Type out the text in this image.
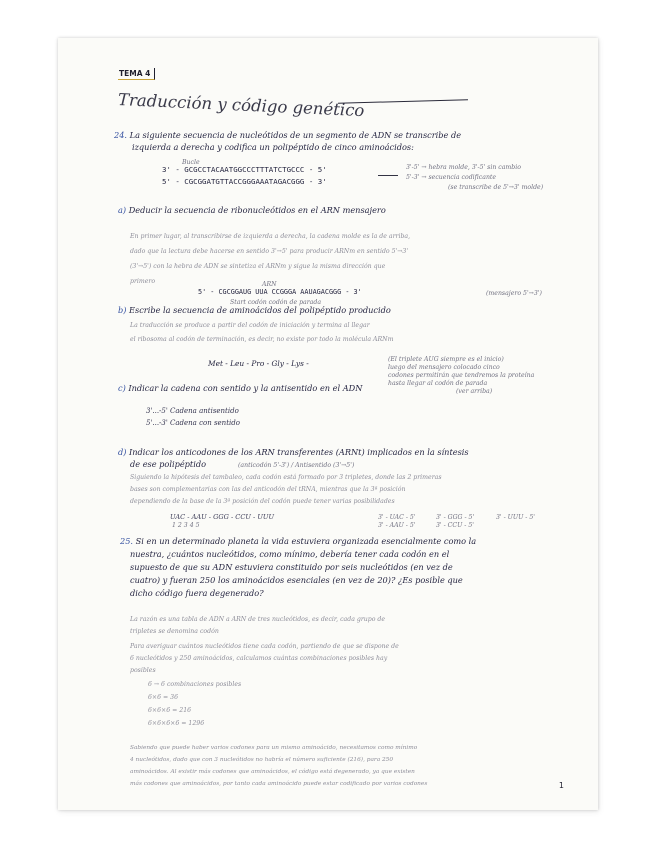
TEMA 4
Traducción y código genético
24. La siguiente secuencia de nucleótidos de un segmento de ADN se transcribe de
izquierda a derecha y codifica un polipéptido de cinco aminoácidos:
Bucle
3' - GCGCCTACAATGGCCCTTTATCTGCCC - 5'
5' - CGCGGATGTTACCGGGAAATAGACGGG - 3'
3'-5' → hebra molde, 3'-5' sin cambio
5'-3' → secuencia codificante
(se transcribe de 5'→3' molde)
a) Deducir la secuencia de ribonucleótidos en el ARN mensajero
En primer lugar, al transcribirse de izquierda a derecha, la cadena molde es la de arriba,
dado que la lectura debe hacerse en sentido 3'→5' para producir ARNm en sentido 5'→3'
(3'→5') con la hebra de ADN se sintetiza el ARNm y sigue la misma dirección que
primero	ARN
5' - CGCGGAUG UUA CCGGGA AAUAGACGGG - 3'
Start codón codón de parada
(mensajero 5'→3')
b) Escribe la secuencia de aminoácidos del polipéptido producido
La traducción se produce a partir del codón de iniciación y termina al llegar
el ribosoma al codón de terminación, es decir, no existe por todo la molécula ARNm
Met - Leu - Pro - Gly - Lys -	(El triplete AUG siempre es el inicio)
luego del mensajero colocado cinco
codones permitirán que tendremos la proteína
hasta llegar al codón de parada
c) Indicar la cadena con sentido y la antisentido en el ADN	(ver arriba)
3'...-5' Cadena antisentido
5'...-3' Cadena con sentido
d) Indicar los anticodones de los ARN transferentes (ARNt) implicados en la síntesis
de ese polipéptido	(anticodón 5'-3') / Antisentido (3'→5')
Siguiendo la hipótesis del tambaleo, cada codón está formado por 3 tripletes, donde las 2 primeras
bases son complementarias con las del anticodón del tRNA, mientras que la 3ª posición
dependiendo de la base de la 3ª posición del codón puede tener varias posibilidades
UAC - AAU - GGG - CCU - UUU
1 2 3 4 5
3' - UAC - 5'
3' - AAU - 5'
3' - GGG - 5'
3' - CCU - 5'
3' - UUU - 5'
25. Si en un determinado planeta la vida estuviera organizada esencialmente como la
nuestra, ¿cuántos nucleótidos, como mínimo, debería tener cada codón en el
supuesto de que su ADN estuviera constituido por seis nucleótidos (en vez de
cuatro) y fueran 250 los aminoácidos esenciales (en vez de 20)? ¿Es posible que
dicho código fuera degenerado?
La razón es una tabla de ADN a ARN de tres nucleótidos, es decir, cada grupo de
tripletes se denomina codón
Para averiguar cuántos nucleótidos tiene cada codón, partiendo de que se dispone de
6 nucleótidos y 250 aminoácidos, calculamos cuántas combinaciones posibles hay
posibles
6 → 6 combinaciones posibles
6×6 = 36
6×6×6 = 216
6×6×6×6 = 1296
Sabiendo que puede haber varios codones para un mismo aminoácido, necesitamos como mínimo
4 nucleótidos, dado que con 3 nucleótidos no habría el número suficiente (216), para 250
aminoácidos. Al existir más codones que aminoácidos, el código está degenerado, ya que existen
más codones que aminoácidos, por tanto cada aminoácido puede estar codificado por varios codones	1
